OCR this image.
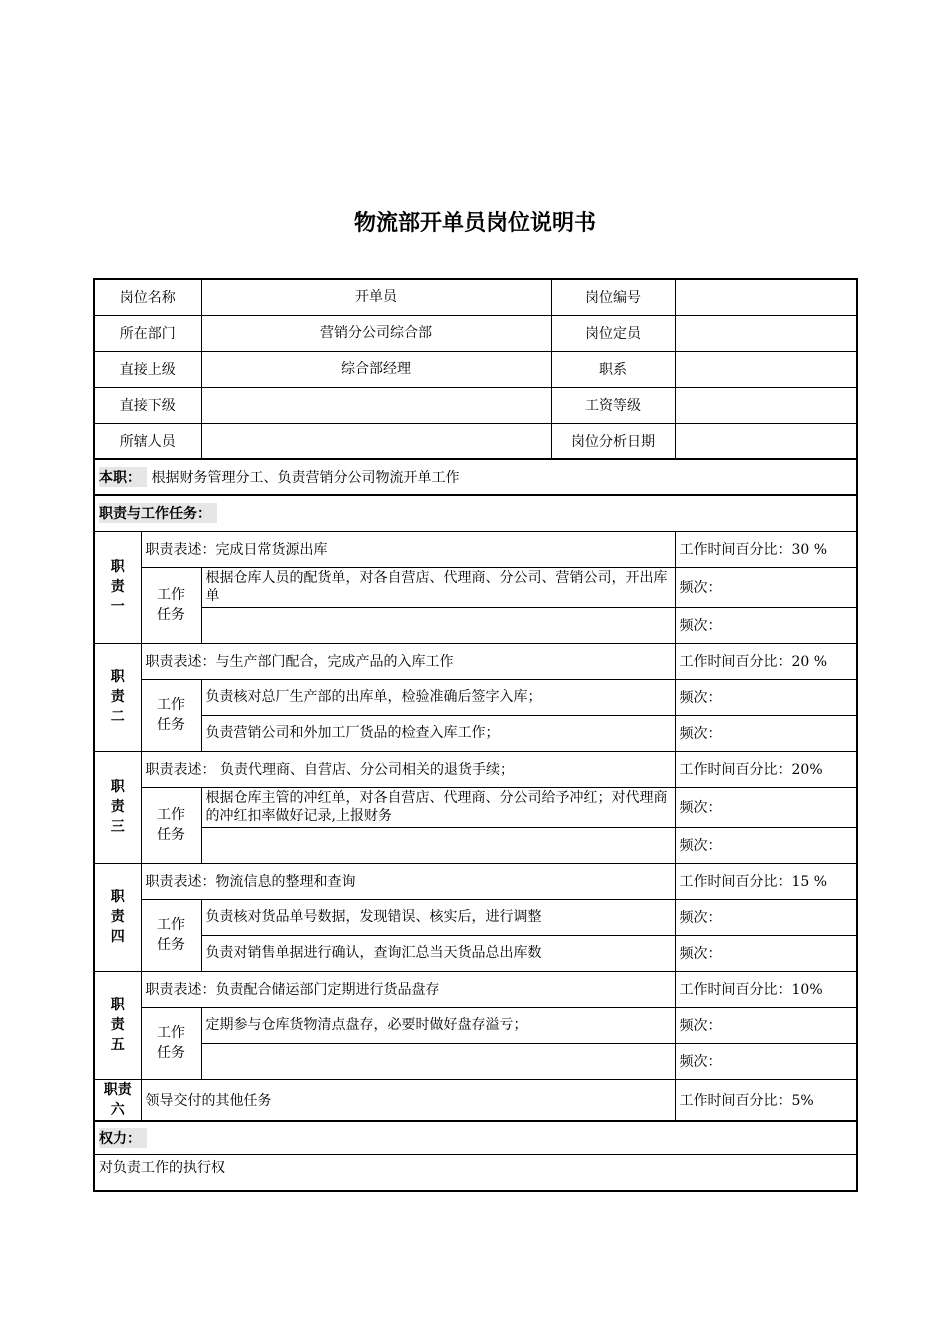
物流部开单员岗位说明书
岗位名称		开单员	岗位编号	
所在部门		营销分公司综合部	岗位定员	
直接上级		综合部经理	职系	
直接下级			工资等级	
所辖人员			岗位分析日期	
本职： 根据财务管理分工、负责营销分公司物流开单工作				
职责与工作任务：				
职责一	职责表述：完成日常货源出库			工作时间百分比：30 %
	工作任务	根据仓库人员的配货单，对各自营店、代理商、分公司、营销公司，开出库单		频次：
				频次：
职责二	职责表述：与生产部门配合，完成产品的入库工作			工作时间百分比：20 %
	工作任务	负责核对总厂生产部的出库单，检验准确后签字入库；		频次：
		负责营销公司和外加工厂货品的检查入库工作；		频次：
职责三	职责表述： 负责代理商、自营店、分公司相关的退货手续；			工作时间百分比：20%
	工作任务	根据仓库主管的冲红单，对各自营店、代理商、分公司给予冲红；对代理商的冲红扣率做好记录,上报财务		频次：
				频次：
职责四	职责表述：物流信息的整理和查询			工作时间百分比：15 %
	工作任务	负责核对货品单号数据，发现错误、核实后，进行调整		频次：
		负责对销售单据进行确认，查询汇总当天货品总出库数		频次：
职责五	职责表述：负责配合储运部门定期进行货品盘存			工作时间百分比：10%
	工作任务	定期参与仓库货物清点盘存，必要时做好盘存溢亏；		频次：
				频次：
职责六	领导交付的其他任务			工作时间百分比：5%
权力：				
对负责工作的执行权				
